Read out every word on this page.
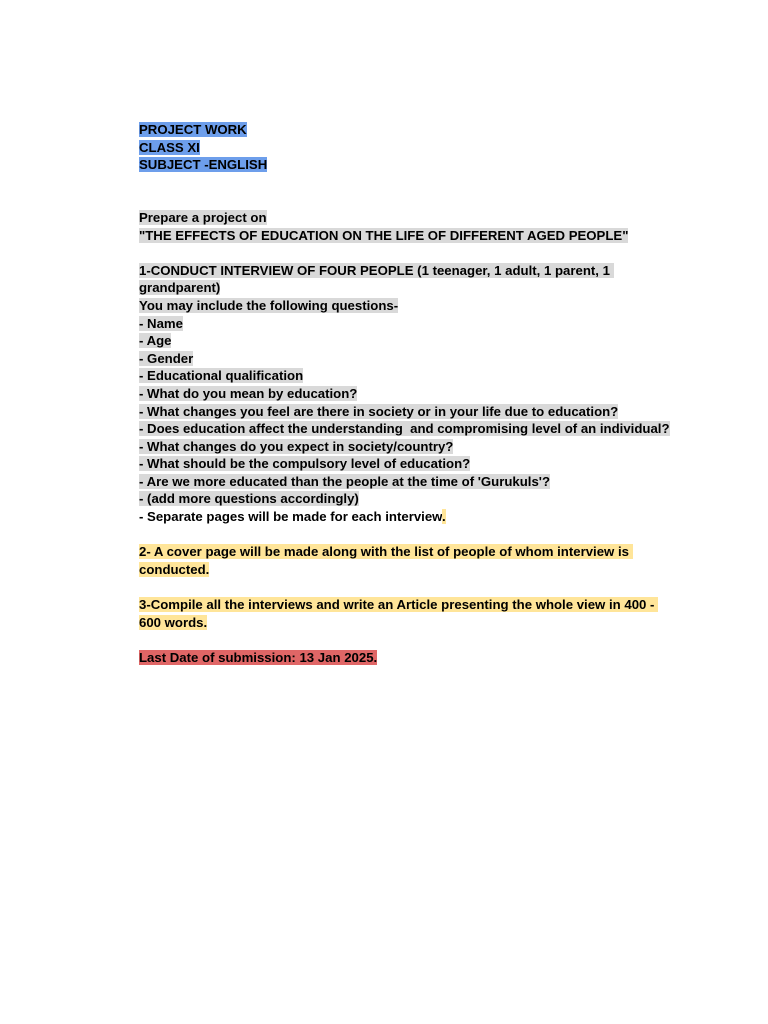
PROJECT WORK
CLASS XI
SUBJECT -ENGLISH
Prepare a project on
"THE EFFECTS OF EDUCATION ON THE LIFE OF DIFFERENT AGED PEOPLE"
1-CONDUCT INTERVIEW OF FOUR PEOPLE (1 teenager, 1 adult, 1 parent, 1 grandparent)
You may include the following questions-
- Name
- Age
- Gender
- Educational qualification
- What do you mean by education?
- What changes you feel are there in society or in your life due to education?
- Does education affect the understanding  and compromising level of an individual?
- What changes do you expect in society/country?
- What should be the compulsory level of education?
- Are we more educated than the people at the time of 'Gurukuls'?
- (add more questions accordingly)
- Separate pages will be made for each interview.
2- A cover page will be made along with the list of people of whom interview is conducted.
3-Compile all the interviews and write an Article presenting the whole view in 400 - 600 words.
Last Date of submission: 13 Jan 2025.
